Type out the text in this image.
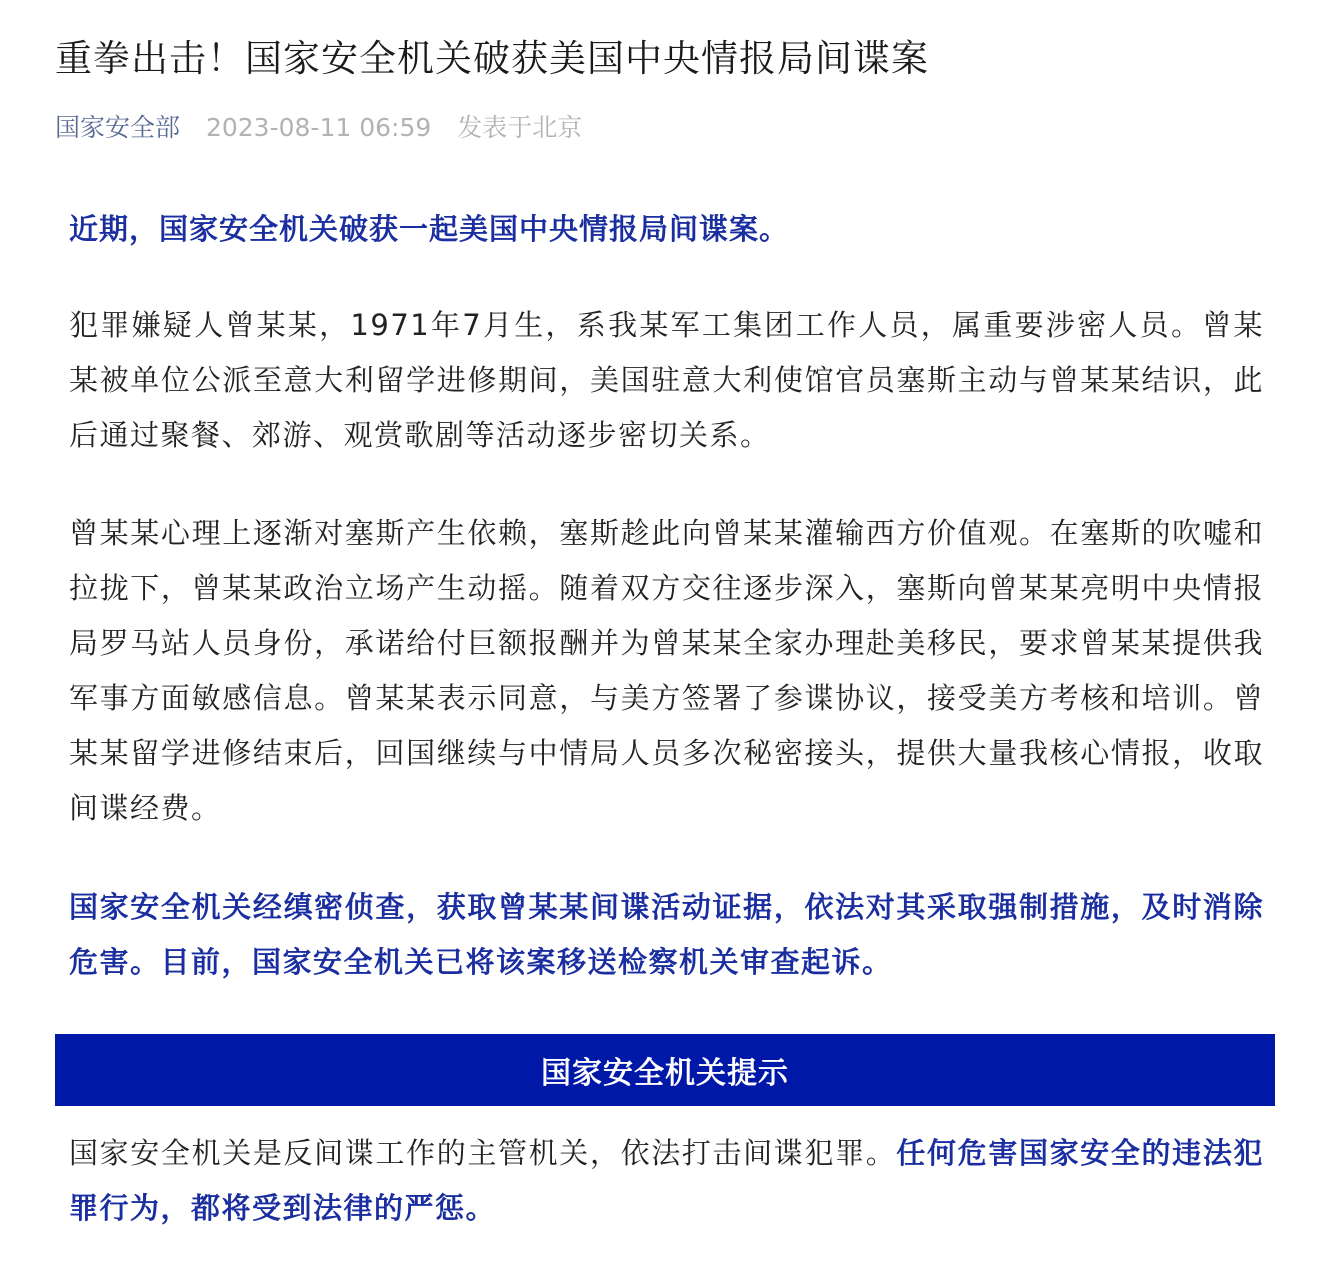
重拳出击！国家安全机关破获美国中央情报局间谍案
国家安全部 2023-08-11 06:59 发表于北京

近期，国家安全机关破获一起美国中央情报局间谍案。

犯罪嫌疑人曾某某，1971年7月生，系我某军工集团工作人员，属重要涉密人员。曾某某被单位公派至意大利留学进修期间，美国驻意大利使馆官员塞斯主动与曾某某结识，此后通过聚餐、郊游、观赏歌剧等活动逐步密切关系。

曾某某心理上逐渐对塞斯产生依赖，塞斯趁此向曾某某灌输西方价值观。在塞斯的吹嘘和拉拢下，曾某某政治立场产生动摇。随着双方交往逐步深入，塞斯向曾某某亮明中央情报局罗马站人员身份，承诺给付巨额报酬并为曾某某全家办理赴美移民，要求曾某某提供我军事方面敏感信息。曾某某表示同意，与美方签署了参谍协议，接受美方考核和培训。曾某某留学进修结束后，回国继续与中情局人员多次秘密接头，提供大量我核心情报，收取间谍经费。

国家安全机关经缜密侦查，获取曾某某间谍活动证据，依法对其采取强制措施，及时消除危害。目前，国家安全机关已将该案移送检察机关审查起诉。

国家安全机关提示

国家安全机关是反间谍工作的主管机关，依法打击间谍犯罪。任何危害国家安全的违法犯罪行为，都将受到法律的严惩。
